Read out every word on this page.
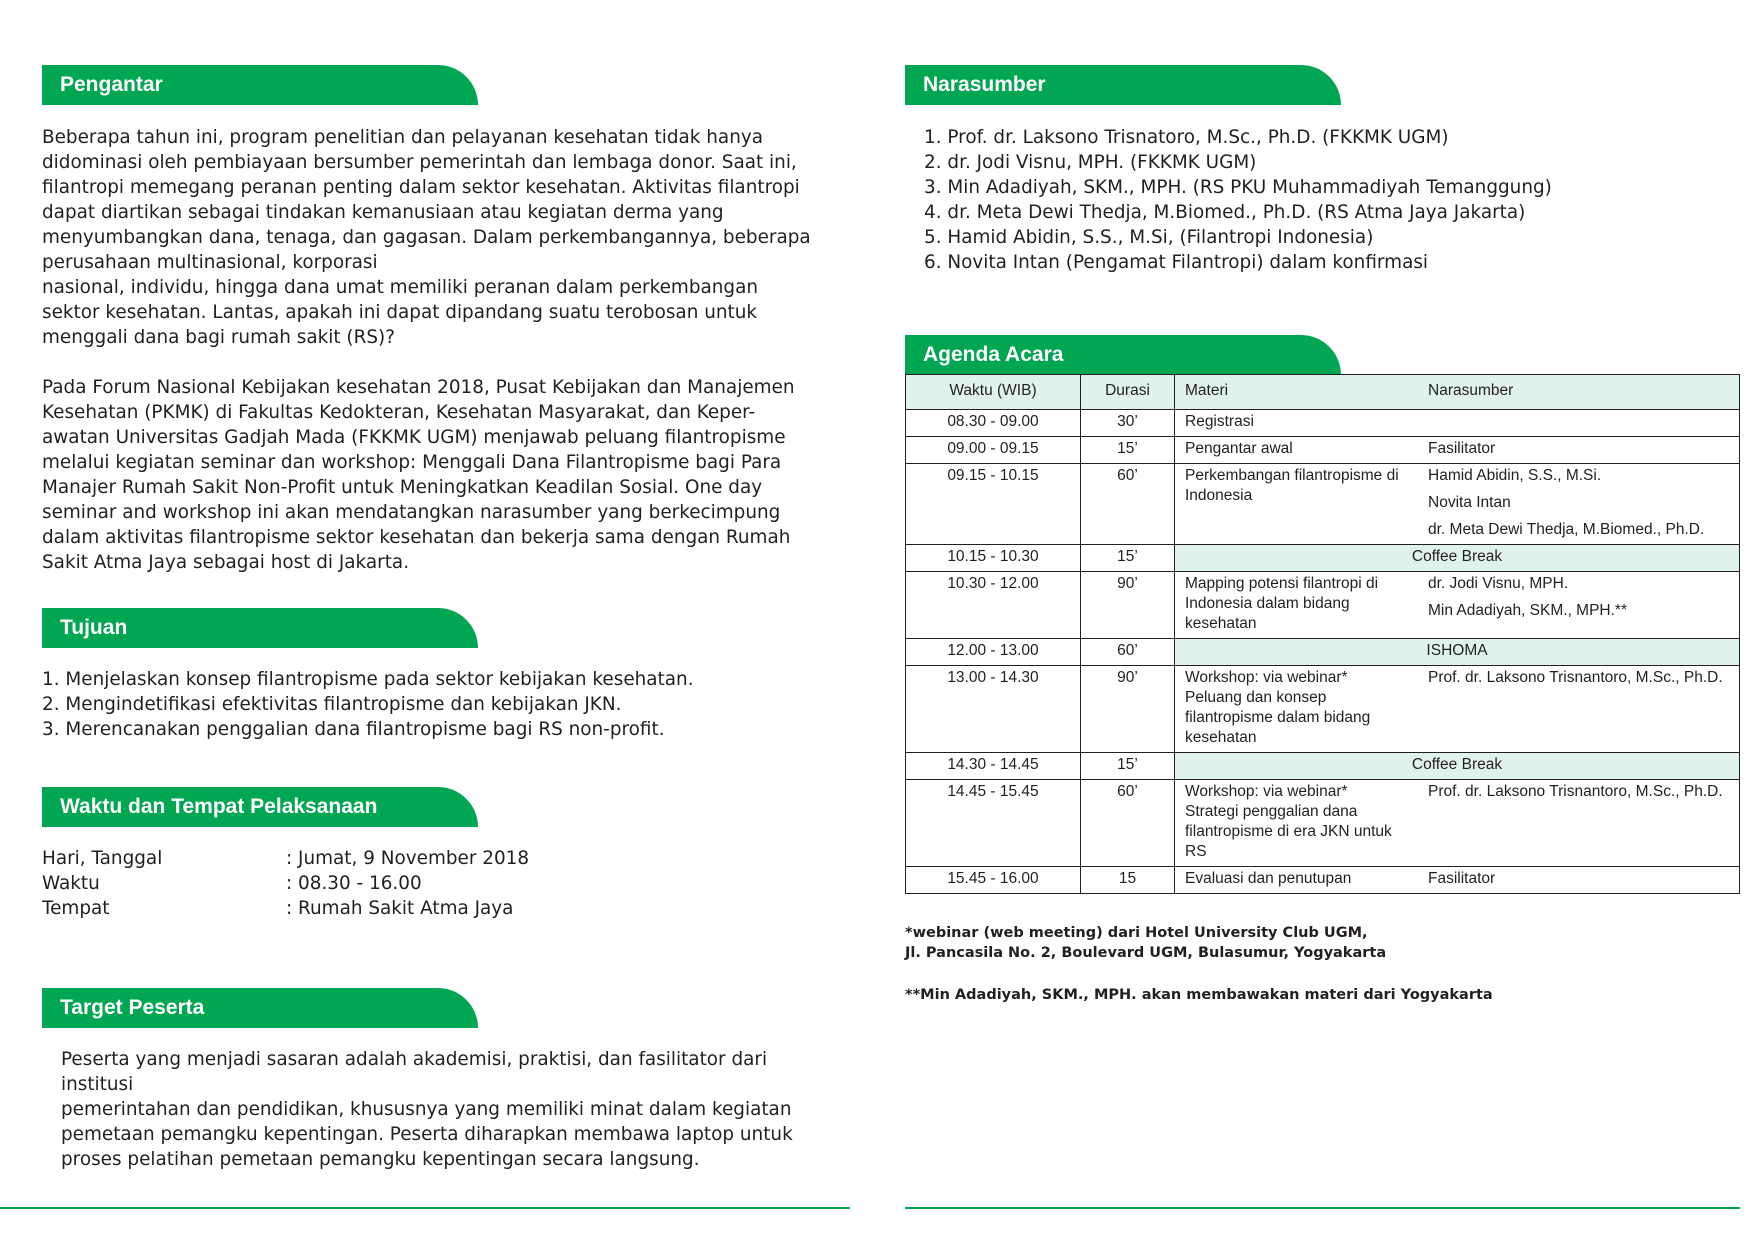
Pengantar

Beberapa tahun ini, program penelitian dan pelayanan kesehatan tidak hanya
didominasi oleh pembiayaan bersumber pemerintah dan lembaga donor. Saat ini,
filantropi memegang peranan penting dalam sektor kesehatan. Aktivitas filantropi
dapat diartikan sebagai tindakan kemanusiaan atau kegiatan derma yang
menyumbangkan dana, tenaga, dan gagasan. Dalam perkembangannya, beberapa
perusahaan multinasional, korporasi
nasional, individu, hingga dana umat memiliki peranan dalam perkembangan
sektor kesehatan. Lantas, apakah ini dapat dipandang suatu terobosan untuk
menggali dana bagi rumah sakit (RS)?

Pada Forum Nasional Kebijakan kesehatan 2018, Pusat Kebijakan dan Manajemen
Kesehatan (PKMK) di Fakultas Kedokteran, Kesehatan Masyarakat, dan Keper-
awatan Universitas Gadjah Mada (FKKMK UGM) menjawab peluang filantropisme
melalui kegiatan seminar dan workshop: Menggali Dana Filantropisme bagi Para
Manajer Rumah Sakit Non-Profit untuk Meningkatkan Keadilan Sosial. One day
seminar and workshop ini akan mendatangkan narasumber yang berkecimpung
dalam aktivitas filantropisme sektor kesehatan dan bekerja sama dengan Rumah
Sakit Atma Jaya sebagai host di Jakarta.

Tujuan
1. Menjelaskan konsep filantropisme pada sektor kebijakan kesehatan.
2. Mengindetifikasi efektivitas filantropisme dan kebijakan JKN.
3. Merencanakan penggalian dana filantropisme bagi RS non-profit.
Waktu dan Tempat Pelaksanaan
Hari, Tanggal	: Jumat, 9 November 2018
Waktu	: 08.30 - 16.00
Tempat	: Rumah Sakit Atma Jaya
Target Peserta

Peserta yang menjadi sasaran adalah akademisi, praktisi, dan fasilitator dari institusi
pemerintahan dan pendidikan, khususnya yang memiliki minat dalam kegiatan
pemetaan pemangku kepentingan. Peserta diharapkan membawa laptop untuk
proses pelatihan pemetaan pemangku kepentingan secara langsung.

Narasumber
1. Prof. dr. Laksono Trisnatoro, M.Sc., Ph.D. (FKKMK UGM)
2. dr. Jodi Visnu, MPH. (FKKMK UGM)
3. Min Adadiyah, SKM., MPH. (RS PKU Muhammadiyah Temanggung)
4. dr. Meta Dewi Thedja, M.Biomed., Ph.D. (RS Atma Jaya Jakarta)
5. Hamid Abidin, S.S., M.Si, (Filantropi Indonesia)
6. Novita Intan (Pengamat Filantropi) dalam konfirmasi
Agenda Acara
Waktu (WIB)	Durasi	Materi	Narasumber
08.30 - 09.00	30’	Registrasi	
09.00 - 09.15	15’	Pengantar awal	Fasilitator

09.15 - 10.15	60’	Perkembangan filantropisme di Indonesia	Hamid Abidin, S.S., M.Si.
Novita Intan
dr. Meta Dewi Thedja, M.Biomed., Ph.D.

10.15 - 10.30	15’	Coffee Break	
10.30 - 12.00	90’	Mapping potensi filantropi di Indonesia dalam bidang kesehatan	dr. Jodi Visnu, MPH.
Min Adadiyah, SKM., MPH.**

12.00 - 13.00	60’	ISHOMA	
13.00 - 14.30	90’	Workshop: via webinar*
Peluang dan konsep filantropisme dalam bidang kesehatan	Prof. dr. Laksono Trisnantoro, M.Sc., Ph.D.

14.30 - 14.45	15’	Coffee Break	
14.45 - 15.45	60’	Workshop: via webinar*
Strategi penggalian dana filantropisme di era JKN untuk RS	Prof. dr. Laksono Trisnantoro, M.Sc., Ph.D.

15.45 - 16.00	15	Evaluasi dan penutupan	Fasilitator
*webinar (web meeting) dari Hotel University Club UGM,
Jl. Pancasila No. 2, Boulevard UGM, Bulasumur, Yogyakarta
**Min Adadiyah, SKM., MPH. akan membawakan materi dari Yogyakarta
